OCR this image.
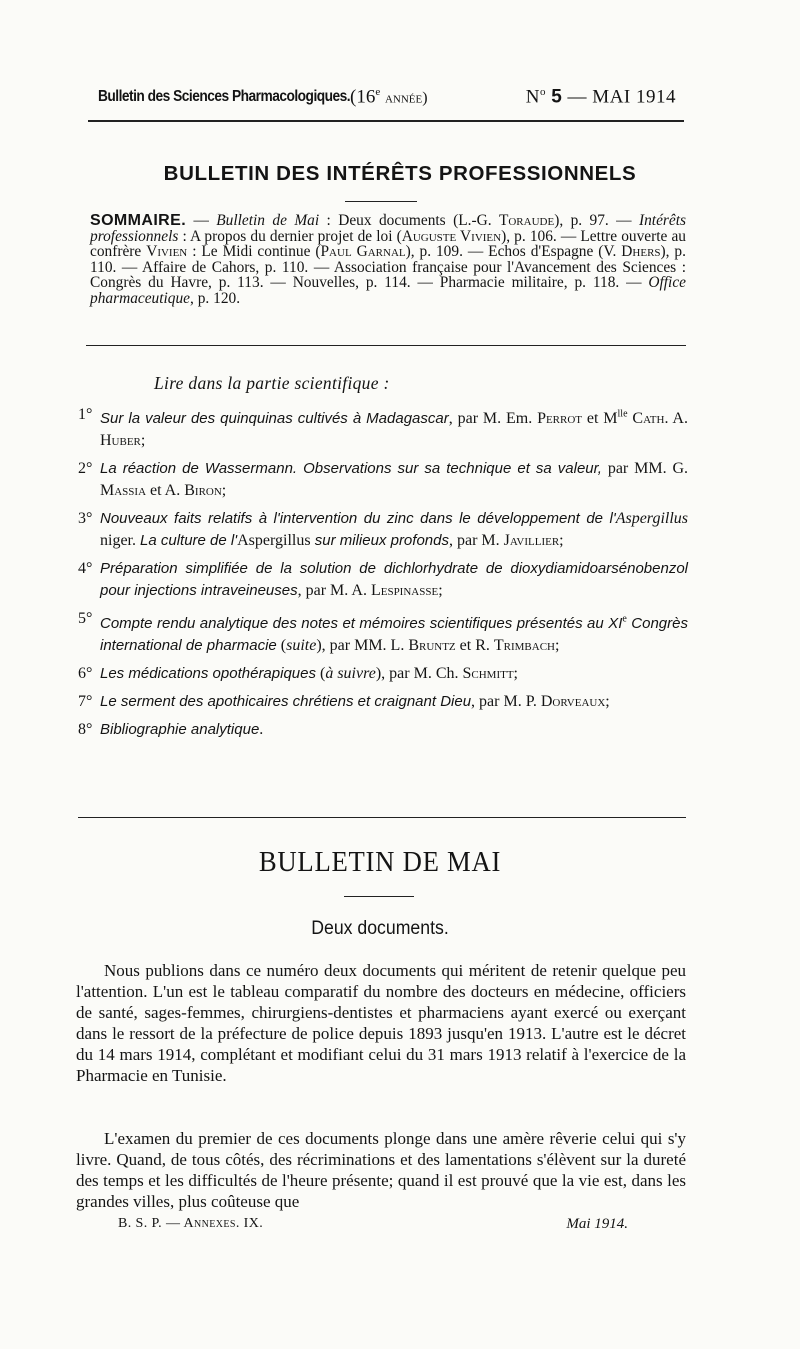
Bulletin des Sciences Pharmacologiques. (16e année)	$N^o$ 5 — MAI 1914
BULLETIN DES INTÉRÊTS PROFESSIONNELS
SOMMAIRE. — Bulletin de Mai : Deux documents (L.-G. Toraude), p. 97. — Intérêts professionnels : A propos du dernier projet de loi (Auguste Vivien), p. 106. — Lettre ouverte au confrère Vivien : Le Midi continue (Paul Garnal), p. 109. — Echos d'Espagne (V. Dhers), p. 110. — Affaire de Cahors, p. 110. — Association française pour l'Avancement des Sciences : Congrès du Havre, p. 113. — Nouvelles, p. 114. — Pharmacie militaire, p. 118. — Office pharmaceutique, p. 120.
Lire dans la partie scientifique :
1° Sur la valeur des quinquinas cultivés à Madagascar, par M. Em. Perrot et $M^{lle}$ Cath. A. Huber;
2° La réaction de Wassermann. Observations sur sa technique et sa valeur, par MM. G. Massia et A. Biron;
3° Nouveaux faits relatifs à l'intervention du zinc dans le développement de l'Aspergillus niger. La culture de l'Aspergillus sur milieux profonds, par M. Javillier;
4° Préparation simplifiée de la solution de dichlorhydrate de dioxydiamidoarsénobenzol pour injections intraveineuses, par M. A. Lespinasse;
5° Compte rendu analytique des notes et mémoires scientifiques présentés au XIe Congrès international de pharmacie (suite), par MM. L. Bruntz et R. Trimbach;
6° Les médications opothérapiques (à suivre), par M. Ch. Schmitt;
7° Le serment des apothicaires chrétiens et craignant Dieu, par M. P. Dorveaux;
8° Bibliographie analytique.
BULLETIN DE MAI
Deux documents.
Nous publions dans ce numéro deux documents qui méritent de retenir quelque peu l'attention. L'un est le tableau comparatif du nombre des docteurs en médecine, officiers de santé, sages-femmes, chirurgiens-dentistes et pharmaciens ayant exercé ou exerçant dans le ressort de la préfecture de police depuis 1893 jusqu'en 1913. L'autre est le décret du 14 mars 1914, complétant et modifiant celui du 31 mars 1913 relatif à l'exercice de la Pharmacie en Tunisie.
L'examen du premier de ces documents plonge dans une amère rêverie celui qui s'y livre. Quand, de tous côtés, des récriminations et des lamentations s'élèvent sur la dureté des temps et les difficultés de l'heure présente; quand il est prouvé que la vie est, dans les grandes villes, plus coûteuse que
B. S. P. — Annexes. IX.	Mai 1914.
